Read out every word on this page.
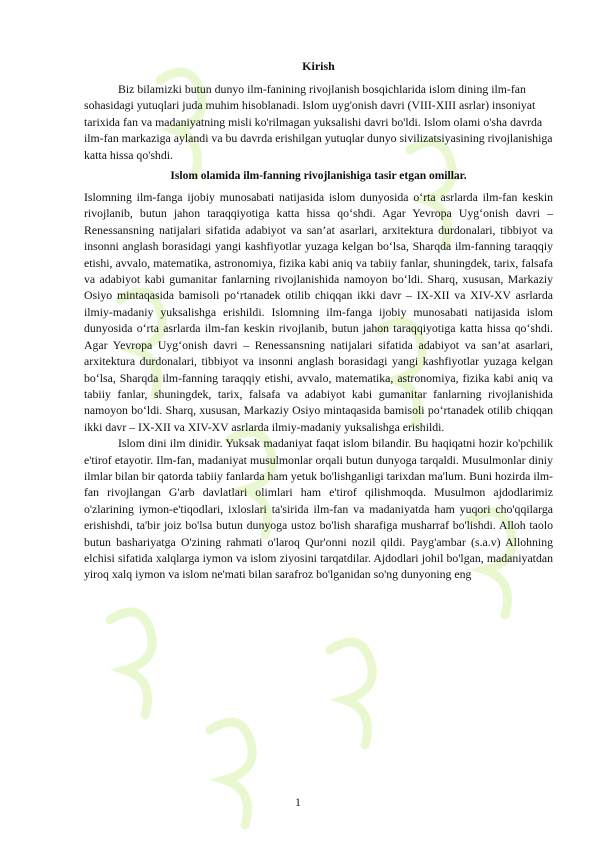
Kirish

Biz bilamizki butun dunyo ilm-fanining rivojlanish bosqichlarida islom dining ilm-fan sohasidagi yutuqlari juda muhim hisoblanadi. Islom uyg'onish davri (VIII-XIII asrlar) insoniyat tarixida fan va madaniyatning misli ko'rilmagan yuksalishi davri bo'ldi. Islom olami o'sha davrda ilm-fan markaziga aylandi va bu davrda erishilgan yutuqlar dunyo sivilizatsiyasining rivojlanishiga katta hissa qo'shdi.

Islom olamida ilm-fanning rivojlanishiga tasir etgan omillar.

Islomning ilm-fanga ijobiy munosabati natijasida islom dunyosida o‘rta asrlarda ilm-fan keskin rivojlanib, butun jahon taraqqiyotiga katta hissa qo‘shdi. Agar Yevropa Uyg‘onish davri – Renessansning natijalari sifatida adabiyot va san’at asarlari, arxitektura durdonalari, tibbiyot va insonni anglash borasidagi yangi kashfiyotlar yuzaga kelgan bo‘lsa, Sharqda ilm-fanning taraqqiy etishi, avvalo, matematika, astronomiya, fizika kabi aniq va tabiiy fanlar, shuningdek, tarix, falsafa va adabiyot kabi gumanitar fanlarning rivojlanishida namoyon bo‘ldi. Sharq, xususan, Markaziy Osiyo mintaqasida bamisoli po‘rtanadek otilib chiqqan ikki davr – IX-XII va XIV-XV asrlarda ilmiy-madaniy yuksalishga erishildi. Islomning ilm-fanga ijobiy munosabati natijasida islom dunyosida o‘rta asrlarda ilm-fan keskin rivojlanib, butun jahon taraqqiyotiga katta hissa qo‘shdi. Agar Yevropa Uyg‘onish davri – Renessansning natijalari sifatida adabiyot va san’at asarlari, arxitektura durdonalari, tibbiyot va insonni anglash borasidagi yangi kashfiyotlar yuzaga kelgan bo‘lsa, Sharqda ilm-fanning taraqqiy etishi, avvalo, matematika, astronomiya, fizika kabi aniq va tabiiy fanlar, shuningdek, tarix, falsafa va adabiyot kabi gumanitar fanlarning rivojlanishida namoyon bo‘ldi. Sharq, xususan, Markaziy Osiyo mintaqasida bamisoli po‘rtanadek otilib chiqqan ikki davr – IX-XII va XIV-XV asrlarda ilmiy-madaniy yuksalishga erishildi.

Islom dini ilm dinidir. Yuksak madaniyat faqat islom bilandir. Bu haqiqatni hozir ko'pchilik e'tirof etayotir. Ilm-fan, madaniyat musulmonlar orqali butun dunyoga tarqaldi. Musulmonlar diniy ilmlar bilan bir qatorda tabiiy fanlarda ham yetuk bo'lishganligi tarixdan ma'lum. Buni hozirda ilm-fan rivojlangan G'arb davlatlari olimlari ham e'tirof qilishmoqda. Musulmon ajdodlarimiz o'zlarining iymon-e'tiqodlari, ixloslari ta'sirida ilm-fan va madaniyatda ham yuqori cho'qqilarga erishishdi, ta'bir joiz bo'lsa butun dunyoga ustoz bo'lish sharafiga musharraf bo'lishdi. Alloh taolo butun bashariyatga O'zining rahmati o'laroq Qur'onni nozil qildi. Payg'ambar (s.a.v) Allohning elchisi sifatida xalqlarga iymon va islom ziyosini tarqatdilar. Ajdodlari johil bo'lgan, madaniyatdan yiroq xalq iymon va islom ne'mati bilan sarafroz bo'lganidan so'ng dunyoning eng

1
